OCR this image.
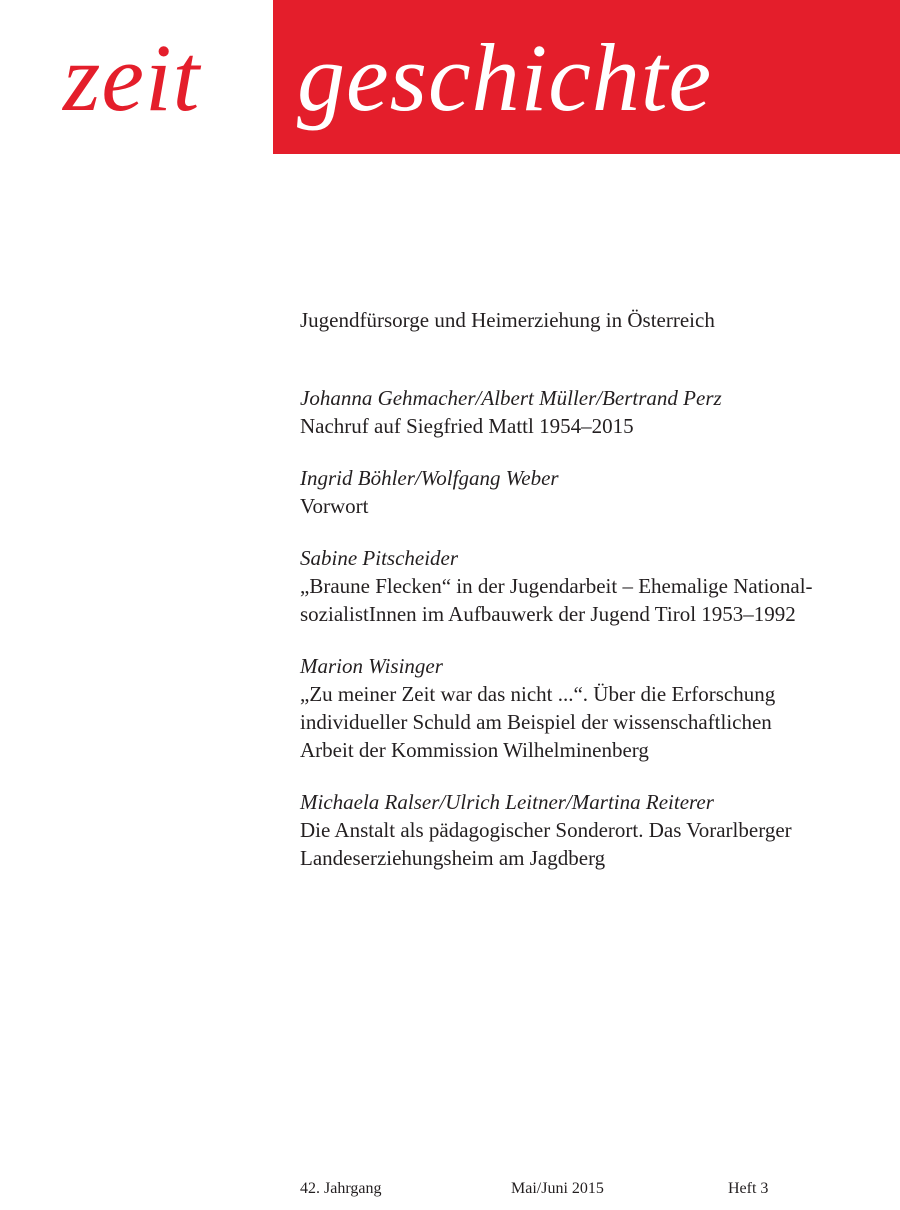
zeit geschichte
Jugendfürsorge und Heimerziehung in Österreich
Johanna Gehmacher/Albert Müller/Bertrand Perz
Nachruf auf Siegfried Mattl 1954–2015
Ingrid Böhler/Wolfgang Weber
Vorwort
Sabine Pitscheider
„Braune Flecken“ in der Jugendarbeit – Ehemalige National-
sozialistInnen im Aufbauwerk der Jugend Tirol 1953–1992
Marion Wisinger
„Zu meiner Zeit war das nicht ...“. Über die Erforschung
individueller Schuld am Beispiel der wissenschaftlichen
Arbeit der Kommission Wilhelminenberg
Michaela Ralser/Ulrich Leitner/Martina Reiterer
Die Anstalt als pädagogischer Sonderort. Das Vorarlberger
Landeserziehungsheim am Jagdberg
42. Jahrgang	Mai/Juni 2015	Heft 3
